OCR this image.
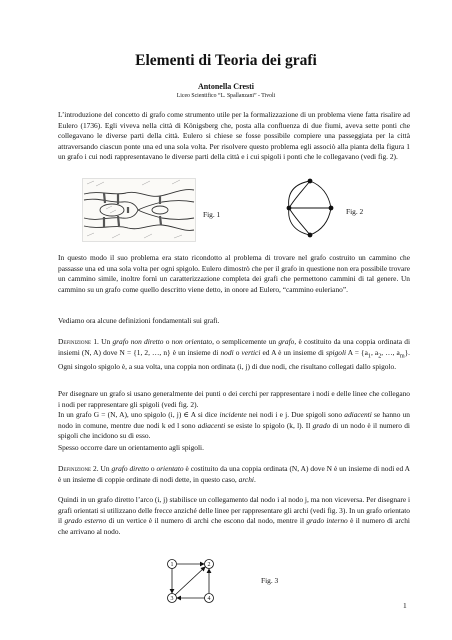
Elementi di Teoria dei grafi
Antonella Cresti
Liceo Scientifico “L. Spallanzani” - Tivoli

L’introduzione del concetto di grafo come strumento utile per la formalizzazione di un problema viene fatta risalire ad Eulero (1736). Egli viveva nella città di Königsberg che, posta alla confluenza di due fiumi, aveva sette ponti che collegavano le diverse parti della città. Eulero si chiese se fosse possibile compiere una passeggiata per la città attraversando ciascun ponte una ed una sola volta. Per risolvere questo problema egli associò alla pianta della figura 1 un grafo i cui nodi rappresentavano le diverse parti della città e i cui spigoli i ponti che le collegavano (vedi fig. 2).

Fig. 1	Fig. 2

In questo modo il suo problema era stato ricondotto al problema di trovare nel grafo costruito un cammino che passasse una ed una sola volta per ogni spigolo. Eulero dimostrò che per il grafo in questione non era possibile trovare un cammino simile, inoltre fornì un caratterizzazione completa dei grafi che permettono cammini di tal genere. Un cammino su un grafo come quello descritto viene detto, in onore ad Eulero, “cammino euleriano”.

Vediamo ora alcune definizioni fondamentali sui grafi.

Definizione 1. Un grafo non diretto o non orientato, o semplicemente un grafo, è costituito da una coppia ordinata di insiemi (N, A) dove N = {1, 2, …, n} è un insieme di nodi o vertici ed A è un insieme di spigoli $A = \{a_1$, $a_2$, …, $a_m$}. Ogni singolo spigolo è, a sua volta, una coppia non ordinata (i, j) di due nodi, che risultano collegati dallo spigolo.

Per disegnare un grafo si usano generalmente dei punti o dei cerchi per rappresentare i nodi e delle linee che collegano i nodi per rappresentare gli spigoli (vedi fig. 2).
In un grafo G = (N, A), uno spigolo (i, j) ∈ A si dice incidente nei nodi i e j. Due spigoli sono adiacenti se hanno un nodo in comune, mentre due nodi k ed l sono adiacenti se esiste lo spigolo (k, l). Il grado di un nodo è il numero di spigoli che incidono su di esso.

Spesso occorre dare un orientamento agli spigoli.

Definizione 2. Un grafo diretto o orientato è costituito da una coppia ordinata (N, A) dove N è un insieme di nodi ed A è un insieme di coppie ordinate di nodi dette, in questo caso, archi.

Quindi in un grafo diretto l’arco (i, j) stabilisce un collegamento dal nodo i al nodo j, ma non viceversa. Per disegnare i grafi orientati si utilizzano delle frecce anziché delle linee per rappresentare gli archi (vedi fig. 3). In un grafo orientato il grado esterno di un vertice è il numero di archi che escono dal nodo, mentre il grado interno è il numero di archi che arrivano al nodo.

1	2
3	4
Fig. 3
1
